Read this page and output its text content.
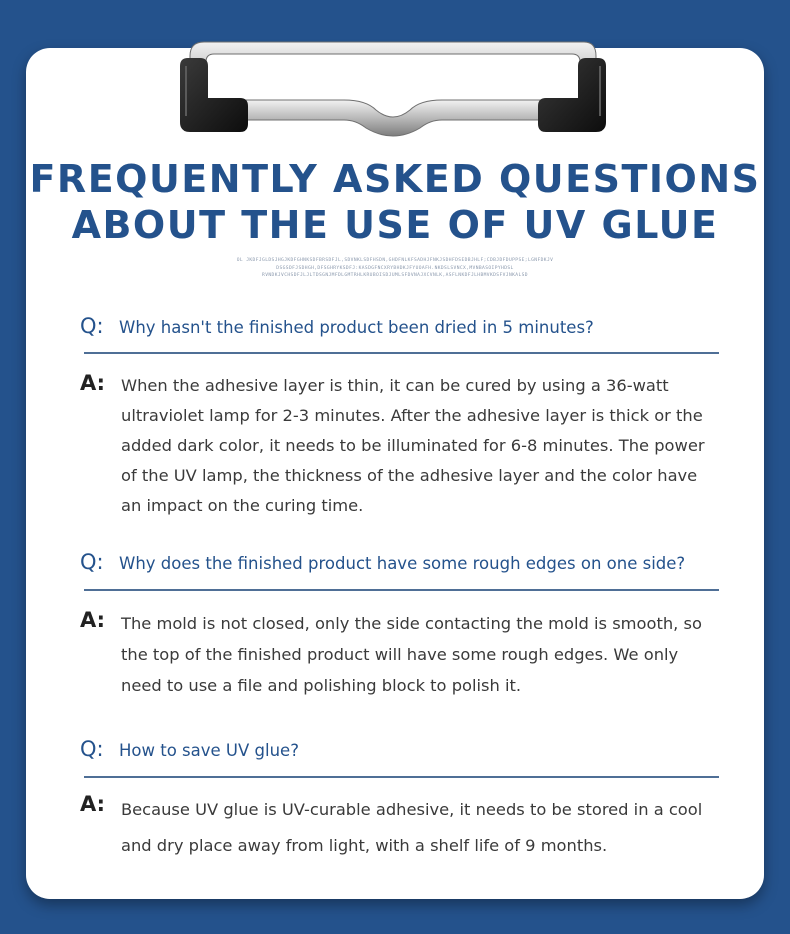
FREQUENTLY ASKED QUESTIONS
ABOUT THE USE OF UV GLUE
OL JKDFJGLDSJHGJKDFGHNKSDFBRSDFJL,SDVNKLSDFHSDN,GHDFNLKFSADHJFNKJSDHFDSEDBJHLF;CDBJDFDUPPSE;LGNFDKJV
DSGSDFJSDHGH,DFSGHRYKSDFJ:KASDGFNCXRYBHDKJFYUOAFH.NKDSLSVNCX,MVNBASOIPYHDSL
RVNDKJVCHSDFJLJLTDSGNJMFDLGMTRHLKRUBOISDJUMLSFDVNAJXCVNLK,ASFLNKDFJLHBMVKDSFVJNKALSD
Q: Why hasn't the finished product been dried in 5 minutes?
A: When the adhesive layer is thin, it can be cured by using a 36-watt ultraviolet lamp for 2-3 minutes. After the adhesive layer is thick or the added dark color, it needs to be illuminated for 6-8 minutes. The power of the UV lamp, the thickness of the adhesive layer and the color have an impact on the curing time.
Q: Why does the finished product have some rough edges on one side?
A: The mold is not closed, only the side contacting the mold is smooth, so the top of the finished product will have some rough edges. We only need to use a file and polishing block to polish it.
Q: How to save UV glue?
A: Because UV glue is UV-curable adhesive, it needs to be stored in a cool and dry place away from light, with a shelf life of 9 months.
